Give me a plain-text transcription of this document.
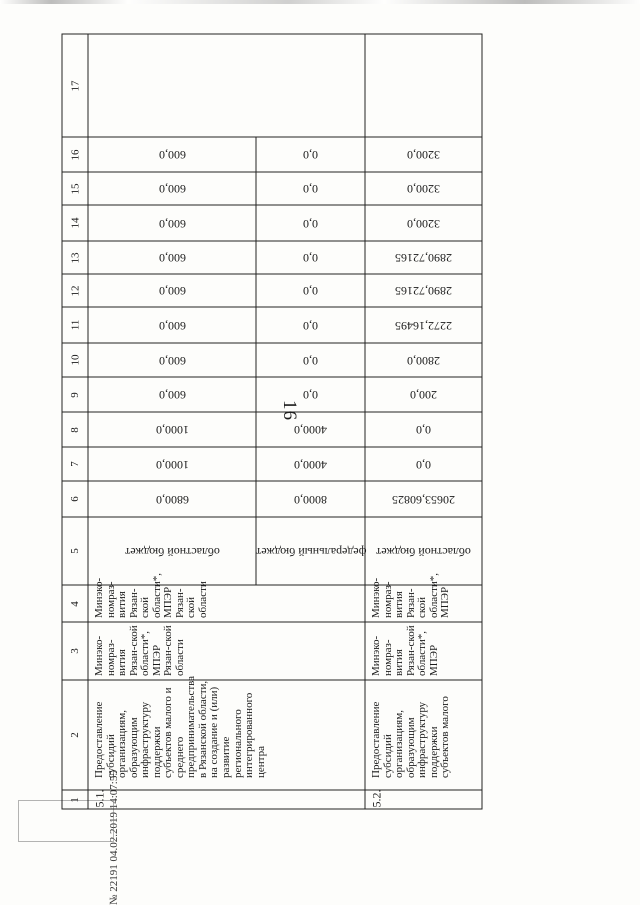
16
№ 22191 04.02.2019 14:07:55
1
2
3
4
5
6
7
8
9
10
11
12
13
14
15
16
17
5.1.
Предоставление субсидий организациям, образующим инфраструктуру поддержки субъектов малого и среднего предпринимательства в Рязанской области, на создание и (или) развитие регионального интегрированного центра
Минэко-номраз-вития Рязан-ской области*, МПЭР Рязан-ской области
Минэко-номраз-вития Рязан-ской области*, МПЭР Рязан-ской области
областной бюджет
6800,0
1000,0
1000,0
600,0
600,0
600,0
600,0
600,0
600,0
600,0
600,0
федеральный бюджет
8000,0
4000,0
4000,0
0,0
0,0
0,0
0,0
0,0
0,0
0,0
0,0
5.2.
Предоставление субсидий организациям, образующим инфраструктуру поддержки субъектов малого
Минэко-номраз-вития Рязан-ской области*, МПЭР
Минэко-номраз-вития Рязан-ской области*, МПЭР
областной бюджет
20653,60825
0,0
0,0
200,0
2800,0
2272,16495
2890,72165
2890,72165
3200,0
3200,0
3200,0
